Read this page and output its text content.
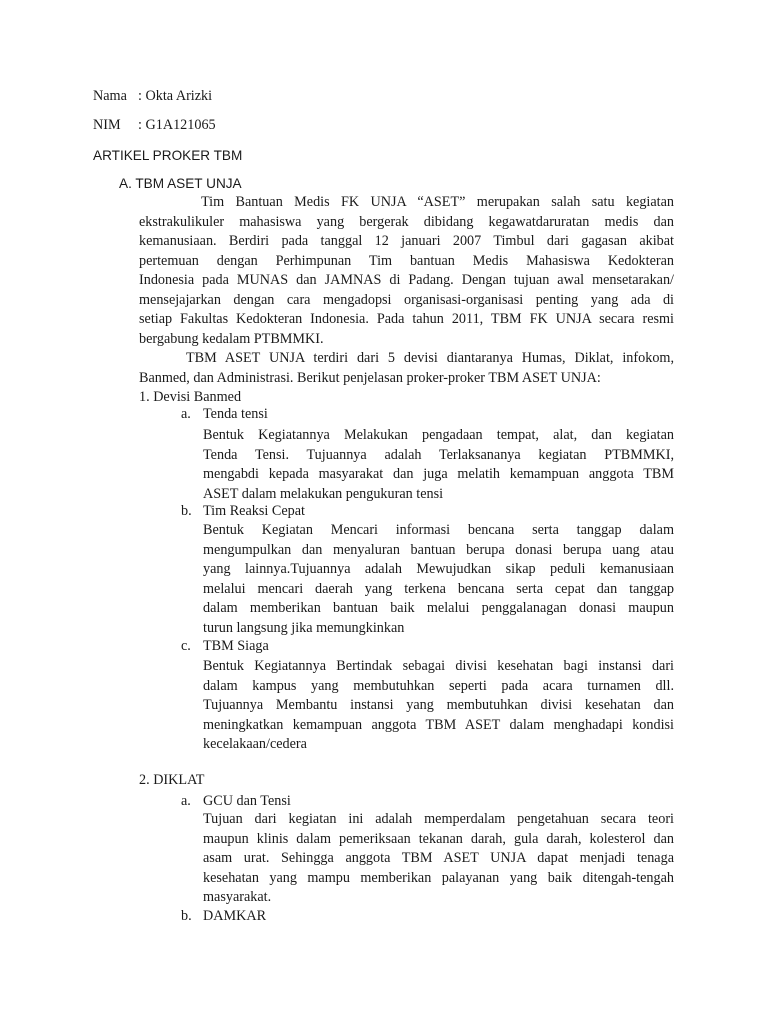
Nama : Okta Arizki
NIM : G1A121065
ARTIKEL PROKER TBM
A. TBM ASET UNJA
Tim Bantuan Medis FK UNJA “ASET” merupakan salah satu kegiatan
ekstrakulikuler mahasiswa yang bergerak dibidang kegawatdaruratan medis dan
kemanusiaan. Berdiri pada tanggal 12 januari 2007 Timbul dari gagasan akibat
pertemuan dengan Perhimpunan Tim bantuan Medis Mahasiswa Kedokteran
Indonesia pada MUNAS dan JAMNAS di Padang. Dengan tujuan awal mensetarakan/
mensejajarkan dengan cara mengadopsi organisasi-organisasi penting yang ada di
setiap Fakultas Kedokteran Indonesia. Pada tahun 2011, TBM FK UNJA secara resmi
bergabung kedalam PTBMMKI.
TBM ASET UNJA terdiri dari 5 devisi diantaranya Humas, Diklat, infokom,
Banmed, dan Administrasi. Berikut penjelasan proker-proker TBM ASET UNJA:
1. Devisi Banmed
a. Tenda tensi
Bentuk Kegiatannya Melakukan pengadaan tempat, alat, dan kegiatan
Tenda Tensi. Tujuannya adalah Terlaksananya kegiatan PTBMMKI,
mengabdi kepada masyarakat dan juga melatih kemampuan anggota TBM
ASET dalam melakukan pengukuran tensi
b. Tim Reaksi Cepat
Bentuk Kegiatan Mencari informasi bencana serta tanggap dalam
mengumpulkan dan menyaluran bantuan berupa donasi berupa uang atau
yang lainnya.Tujuannya adalah Mewujudkan sikap peduli kemanusiaan
melalui mencari daerah yang terkena bencana serta cepat dan tanggap
dalam memberikan bantuan baik melalui penggalanagan donasi maupun
turun langsung jika memungkinkan
c. TBM Siaga
Bentuk Kegiatannya Bertindak sebagai divisi kesehatan bagi instansi dari
dalam kampus yang membutuhkan seperti pada acara turnamen dll.
Tujuannya Membantu instansi yang membutuhkan divisi kesehatan dan
meningkatkan kemampuan anggota TBM ASET dalam menghadapi kondisi
kecelakaan/cedera
2. DIKLAT
a. GCU dan Tensi
Tujuan dari kegiatan ini adalah memperdalam pengetahuan secara teori
maupun klinis dalam pemeriksaan tekanan darah, gula darah, kolesterol dan
asam urat. Sehingga anggota TBM ASET UNJA dapat menjadi tenaga
kesehatan yang mampu memberikan palayanan yang baik ditengah-tengah
masyarakat.
b. DAMKAR
